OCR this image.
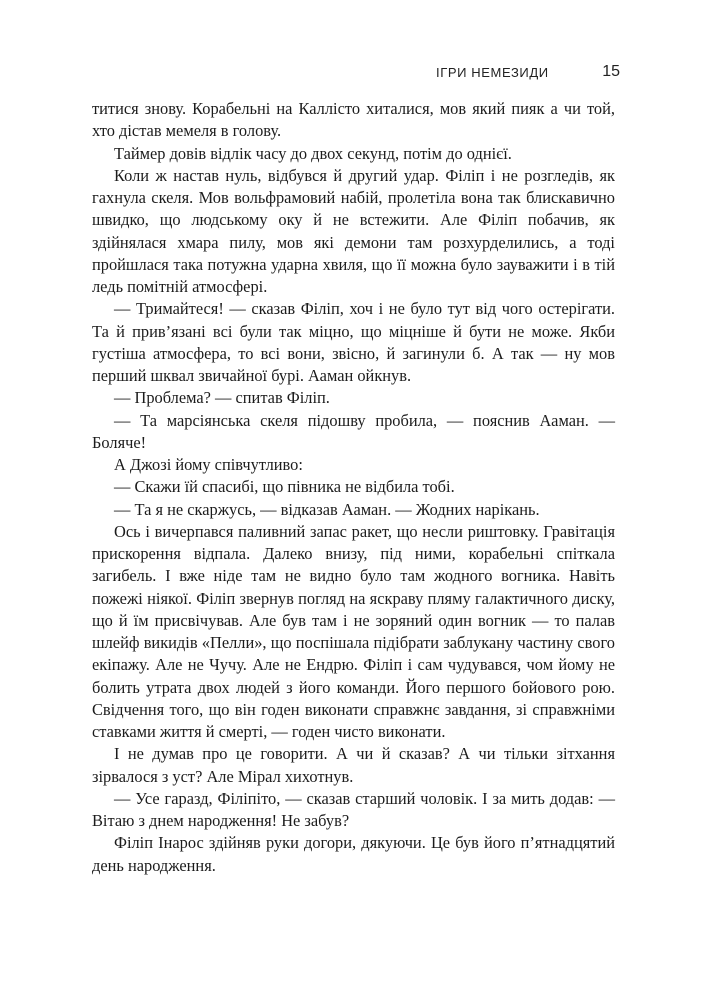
ІГРИ НЕМЕЗИДИ	15

титися знову. Корабельні на Каллісто хиталися, мов який пияк а чи той, хто дістав мемеля в голову.

Таймер довів відлік часу до двох секунд, потім до однієї.

Коли ж настав нуль, відбувся й другий удар. Філіп і не розгледів, як гахнула скеля. Мов вольфрамовий набій, пролетіла вона так блискавично швидко, що людському оку й не встежити. Але Філіп побачив, як здійнялася хмара пилу, мов які демони там розхурделились, а тоді пройшлася така потужна ударна хвиля, що її можна було зауважити і в тій ледь помітній атмосфері.

— Тримайтеся! — сказав Філіп, хоч і не було тут від чого остерігати. Та й прив’язані всі були так міцно, що міцніше й бути не може. Якби густіша атмосфера, то всі вони, звісно, й загинули б. А так — ну мов перший шквал звичайної бурі. Ааман ойкнув.

— Проблема? — спитав Філіп.

— Та марсіянська скеля підошву пробила, — пояснив Ааман. — Боляче!

А Джозі йому співчутливо:

— Скажи їй спасибі, що півника не відбила тобі.

— Та я не скаржусь, — відказав Ааман. — Жодних нарікань.

Ось і вичерпався паливний запас ракет, що несли риштовку. Гравітація прискорення відпала. Далеко внизу, під ними, корабельні спіткала загибель. І вже ніде там не видно було там жодного вогника. Навіть пожежі ніякої. Філіп звернув погляд на яскраву пляму галактичного диску, що й їм присвічував. Але був там і не зоряний один вогник — то палав шлейф викидів «Пелли», що поспішала підібрати заблукану частину свого екіпажу. Але не Чучу. Але не Ендрю. Філіп і сам чудувався, чом йому не болить утрата двох людей з його команди. Його першого бойового рою. Свідчення того, що він годен виконати справжнє завдання, зі справжніми ставками життя й смерті, — годен чисто виконати.

І не думав про це говорити. А чи й сказав? А чи тільки зітхання зірвалося з уст? Але Мірал хихотнув.

— Усе гаразд, Філіпіто, — сказав старший чоловік. І за мить додав: — Вітаю з днем народження! Не забув?

Філіп Інарос здійняв руки догори, дякуючи. Це був його п’ятнадцятий день народження.
